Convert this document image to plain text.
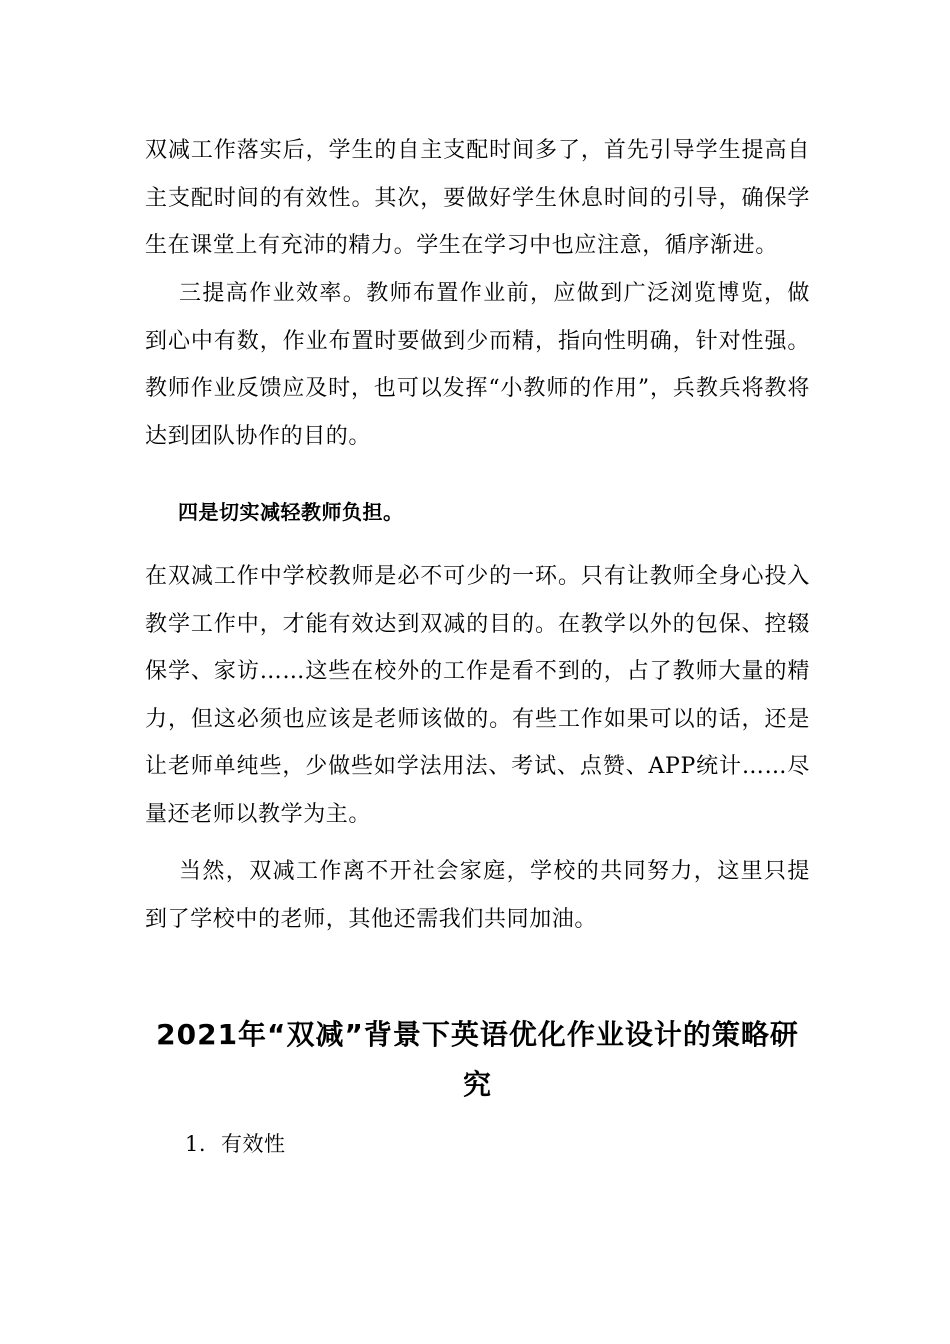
双减工作落实后，学生的自主支配时间多了，首先引导学生提高自主支配时间的有效性。其次，要做好学生休息时间的引导，确保学生在课堂上有充沛的精力。学生在学习中也应注意，循序渐进。

三提高作业效率。教师布置作业前，应做到广泛浏览博览，做到心中有数，作业布置时要做到少而精，指向性明确，针对性强。教师作业反馈应及时，也可以发挥“小教师的作用”，兵教兵将教将达到团队协作的目的。

四是切实减轻教师负担。

在双减工作中学校教师是必不可少的一环。只有让教师全身心投入教学工作中，才能有效达到双减的目的。在教学以外的包保、控辍保学、家访……这些在校外的工作是看不到的，占了教师大量的精力，但这必须也应该是老师该做的。有些工作如果可以的话，还是让老师单纯些，少做些如学法用法、考试、点赞、APP统计……尽量还老师以教学为主。

当然，双减工作离不开社会家庭，学校的共同努力，这里只提到了学校中的老师，其他还需我们共同加油。

2021年“双减”背景下英语优化作业设计的策略研究

1. 有效性
